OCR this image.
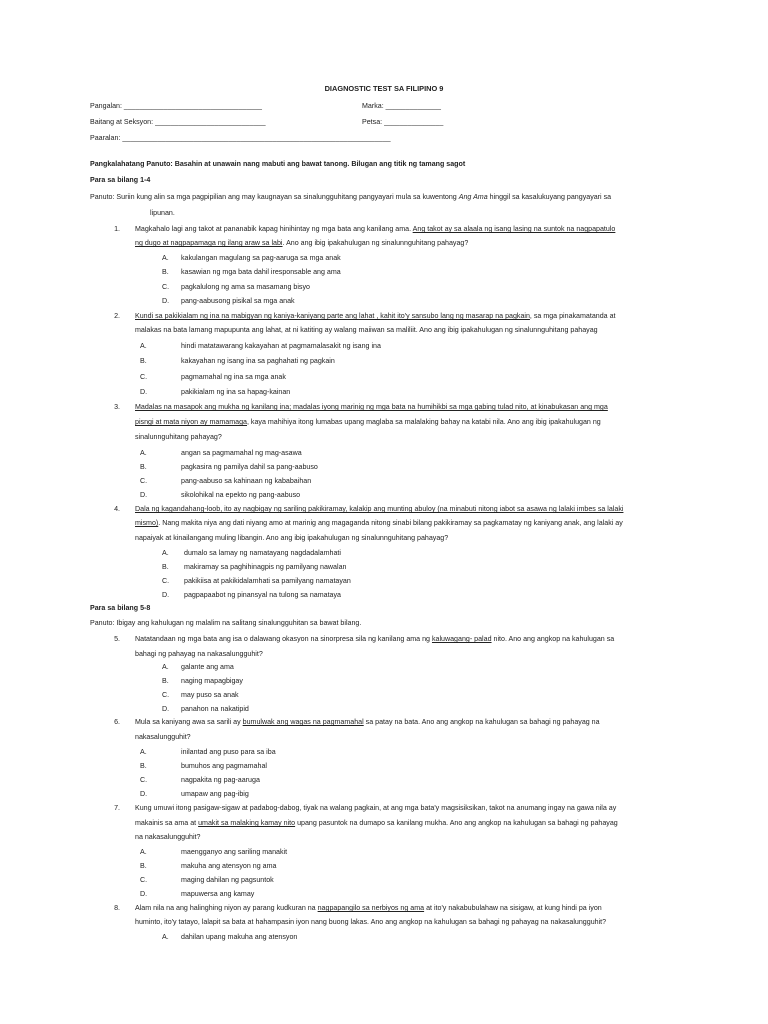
DIAGNOSTIC TEST SA FILIPINO 9
Pangalan: ___________________________________	Marka: ______________
Baitang at Seksyon: ____________________________	Petsa: _______________
Paaralan: ____________________________________________________________________
Pangkalahatang Panuto: Basahin at unawain nang mabuti ang bawat tanong. Bilugan ang titik ng tamang sagot
Para sa bilang 1-4
Panuto: Suriin kung alin sa mga pagpipilian ang may kaugnayan sa sinalungguhitang pangyayari mula sa kuwentong Ang Ama hinggil sa kasalukuyang pangyayari sa
lipunan.
1. Magkahalo lagi ang takot at pananabik kapag hinihintay ng mga bata ang kanilang ama. Ang takot ay sa alaala ng isang lasing na suntok na nagpapatulo
ng dugo at nagpapamaga ng ilang araw sa labi. Ano ang ibig ipakahulugan ng sinalunnguhitang pahayag?
A. kakulangan magulang sa pag-aaruga sa mga anak
B. kasawian ng mga bata dahil iresponsable ang ama
C. pagkalulong ng ama sa masamang bisyo
D. pang-aabusong pisikal sa mga anak
2. Kundi sa pakikialam ng ina na mabigyan ng kaniya-kaniyang parte ang lahat , kahit ito'y sansubo lang ng masarap na pagkain, sa mga pinakamatanda at
malakas na bata lamang mapupunta ang lahat, at ni katiting ay walang maiiwan sa maliliit. Ano ang ibig ipakahulugan ng sinalunnguhitang pahayag
A.	hindi matatawarang kakayahan at pagmamalasakit ng isang ina
B.	kakayahan ng isang ina sa paghahati ng pagkain
C.	pagmamahal ng ina sa mga anak
D.	pakikialam ng ina sa hapag-kainan
3. Madalas na masapok ang mukha ng kanilang ina; madalas iyong marinig ng mga bata na humihikbi sa mga gabing tulad nito, at kinabukasan ang mga
pisngi at mata niyon ay mamamaga, kaya mahihiya itong lumabas upang maglaba sa malalaking bahay na katabi nila. Ano ang ibig ipakahulugan ng
sinalunnguhitang pahayag?
A.	angan sa pagmamahal ng mag-asawa
B.	pagkasira ng pamilya dahil sa pang-aabuso
C.	pang-aabuso sa kahinaan ng kababaihan
D.	sikolohikal na epekto ng pang-aabuso
4. Dala ng kagandahang-loob, ito ay nagbigay ng sariling pakikiramay, kalakip ang munting abuloy (na minabuti nitong iabot sa asawa ng lalaki imbes sa lalaki
mismo). Nang makita niya ang dati niyang amo at marinig ang magaganda nitong sinabi bilang pakikiramay sa pagkamatay ng kaniyang anak, ang lalaki ay
napaiyak at kinailangang muling libangin. Ano ang ibig ipakahulugan ng sinalunnguhitang pahayag?
A. dumalo sa lamay ng namatayang nagdadalamhati
B. makiramay sa paghihinagpis ng pamilyang nawalan
C. pakikiisa at pakikidalamhati sa pamilyang namatayan
D. pagpapaabot ng pinansyal na tulong sa namataya
Para sa bilang 5-8
Panuto: Ibigay ang kahulugan ng malalim na salitang sinalungguhitan sa bawat bilang.
5. Natatandaan ng mga bata ang isa o dalawang okasyon na sinorpresa sila ng kanilang ama ng kaluwagang- palad nito. Ano ang angkop na kahulugan sa
bahagi ng pahayag na nakasalungguhit?
A. galante ang ama
B. naging mapagbigay
C. may puso sa anak
D. panahon na nakatipid
6. Mula sa kaniyang awa sa sarili ay bumulwak ang wagas na pagmamahal sa patay na bata. Ano ang angkop na kahulugan sa bahagi ng pahayag na
nakasalungguhit?
A.	inilantad ang puso para sa iba
B.	bumuhos ang pagmamahal
C.	nagpakita ng pag-aaruga
D.	umapaw ang pag-ibig
7. Kung umuwi itong pasigaw-sigaw at padabog-dabog, tiyak na walang pagkain, at ang mga bata'y magsisiksikan, takot na anumang ingay na gawa nila ay
makainis sa ama at umakit sa malaking kamay nito upang pasuntok na dumapo sa kanilang mukha. Ano ang angkop na kahulugan sa bahagi ng pahayag
na nakasalungguhit?
A.	maengganyo ang sariling manakit
B.	makuha ang atensyon ng ama
C.	maging dahilan ng pagsuntok
D.	mapuwersa ang kamay
8. Alam nila na ang halinghing niyon ay parang kudkuran na nagpapangilo sa nerbiyos ng ama at ito'y nakabubulahaw na sisigaw, at kung hindi pa iyon
huminto, ito'y tatayo, lalapit sa bata at hahampasin iyon nang buong lakas. Ano ang angkop na kahulugan sa bahagi ng pahayag na nakasalungguhit?
A. dahilan upang makuha ang atensyon
